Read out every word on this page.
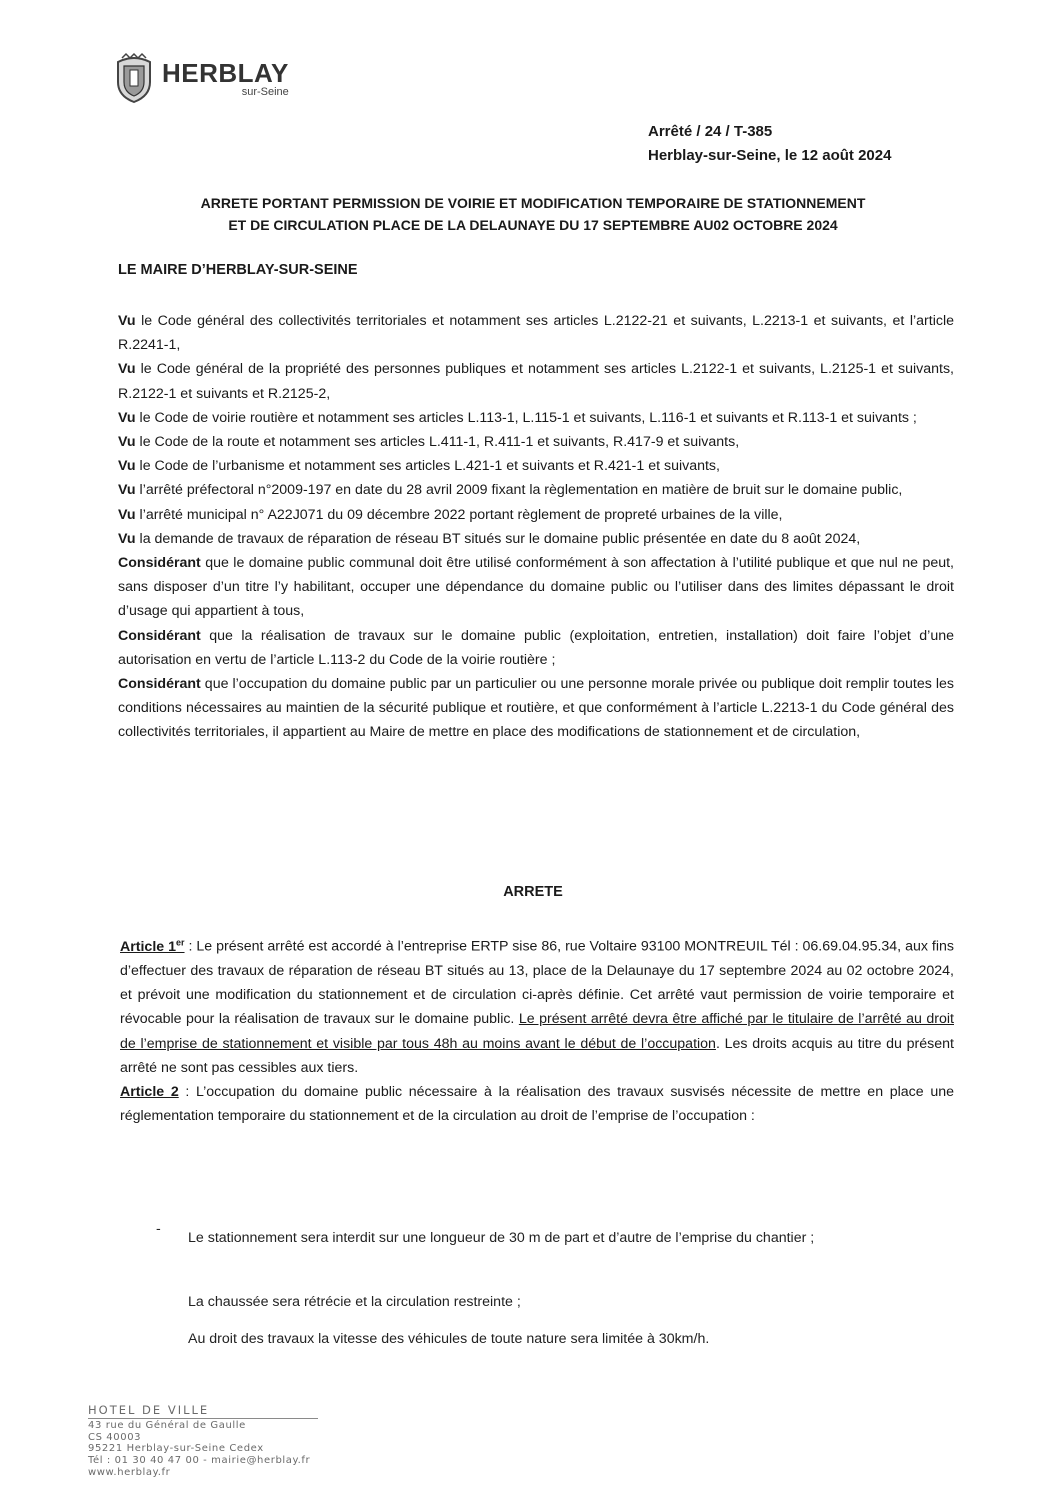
HERBLAY
sur-Seine
Arrêté / 24 / T-385
Herblay-sur-Seine, le 12 août 2024
ARRETE PORTANT PERMISSION DE VOIRIE ET MODIFICATION TEMPORAIRE DE STATIONNEMENT
ET DE CIRCULATION PLACE DE LA DELAUNAYE DU 17 SEPTEMBRE AU02 OCTOBRE 2024
LE MAIRE D’HERBLAY-SUR-SEINE

Vu le Code général des collectivités territoriales et notamment ses articles L.2122-21 et suivants, L.2213-1 et suivants, et l’article R.2241-1,

Vu le Code général de la propriété des personnes publiques et notamment ses articles L.2122-1 et suivants, L.2125-1 et suivants, R.2122-1 et suivants et R.2125-2,

Vu le Code de voirie routière et notamment ses articles L.113-1, L.115-1 et suivants, L.116-1 et suivants et R.113-1 et suivants ;

Vu le Code de la route et notamment ses articles L.411-1, R.411-1 et suivants, R.417-9 et suivants,

Vu le Code de l’urbanisme et notamment ses articles L.421-1 et suivants et R.421-1 et suivants,

Vu l’arrêté préfectoral n°2009-197 en date du 28 avril 2009 fixant la règlementation en matière de bruit sur le domaine public,

Vu l’arrêté municipal n° A22J071 du 09 décembre 2022 portant règlement de propreté urbaines de la ville,

Vu la demande de travaux de réparation de réseau BT situés sur le domaine public présentée en date du 8 août 2024,

Considérant que le domaine public communal doit être utilisé conformément à son affectation à l’utilité publique et que nul ne peut, sans disposer d’un titre l’y habilitant, occuper une dépendance du domaine public ou l’utiliser dans des limites dépassant le droit d’usage qui appartient à tous,

Considérant que la réalisation de travaux sur le domaine public (exploitation, entretien, installation) doit faire l’objet d’une autorisation en vertu de l’article L.113-2 du Code de la voirie routière ;

Considérant que l’occupation du domaine public par un particulier ou une personne morale privée ou publique doit remplir toutes les conditions nécessaires au maintien de la sécurité publique et routière, et que conformément à l’article L.2213-1 du Code général des collectivités territoriales, il appartient au Maire de mettre en place des modifications de stationnement et de circulation,

ARRETE

Article 1er : Le présent arrêté est accordé à l’entreprise ERTP sise 86, rue Voltaire 93100 MONTREUIL Tél : 06.69.04.95.34, aux fins d’effectuer des travaux de réparation de réseau BT situés au 13, place de la Delaunaye du 17 septembre 2024 au 02 octobre 2024, et prévoit une modification du stationnement et de circulation ci-après définie. Cet arrêté vaut permission de voirie temporaire et révocable pour la réalisation de travaux sur le domaine public. Le présent arrêté devra être affiché par le titulaire de l’arrêté au droit de l’emprise de stationnement et visible par tous 48h au moins avant le début de l’occupation. Les droits acquis au titre du présent arrêté ne sont pas cessibles aux tiers.

Article 2 : L’occupation du domaine public nécessaire à la réalisation des travaux susvisés nécessite de mettre en place une réglementation temporaire du stationnement et de la circulation au droit de l’emprise de l’occupation :

-
Le stationnement sera interdit sur une longueur de 30 m de part et d’autre de l’emprise du chantier ;
La chaussée sera rétrécie et la circulation restreinte ;
Au droit des travaux la vitesse des véhicules de toute nature sera limitée à 30km/h.
HOTEL DE VILLE
43 rue du Général de Gaulle
CS 40003
95221 Herblay-sur-Seine Cedex
Tél : 01 30 40 47 00 - mairie@herblay.fr
www.herblay.fr
